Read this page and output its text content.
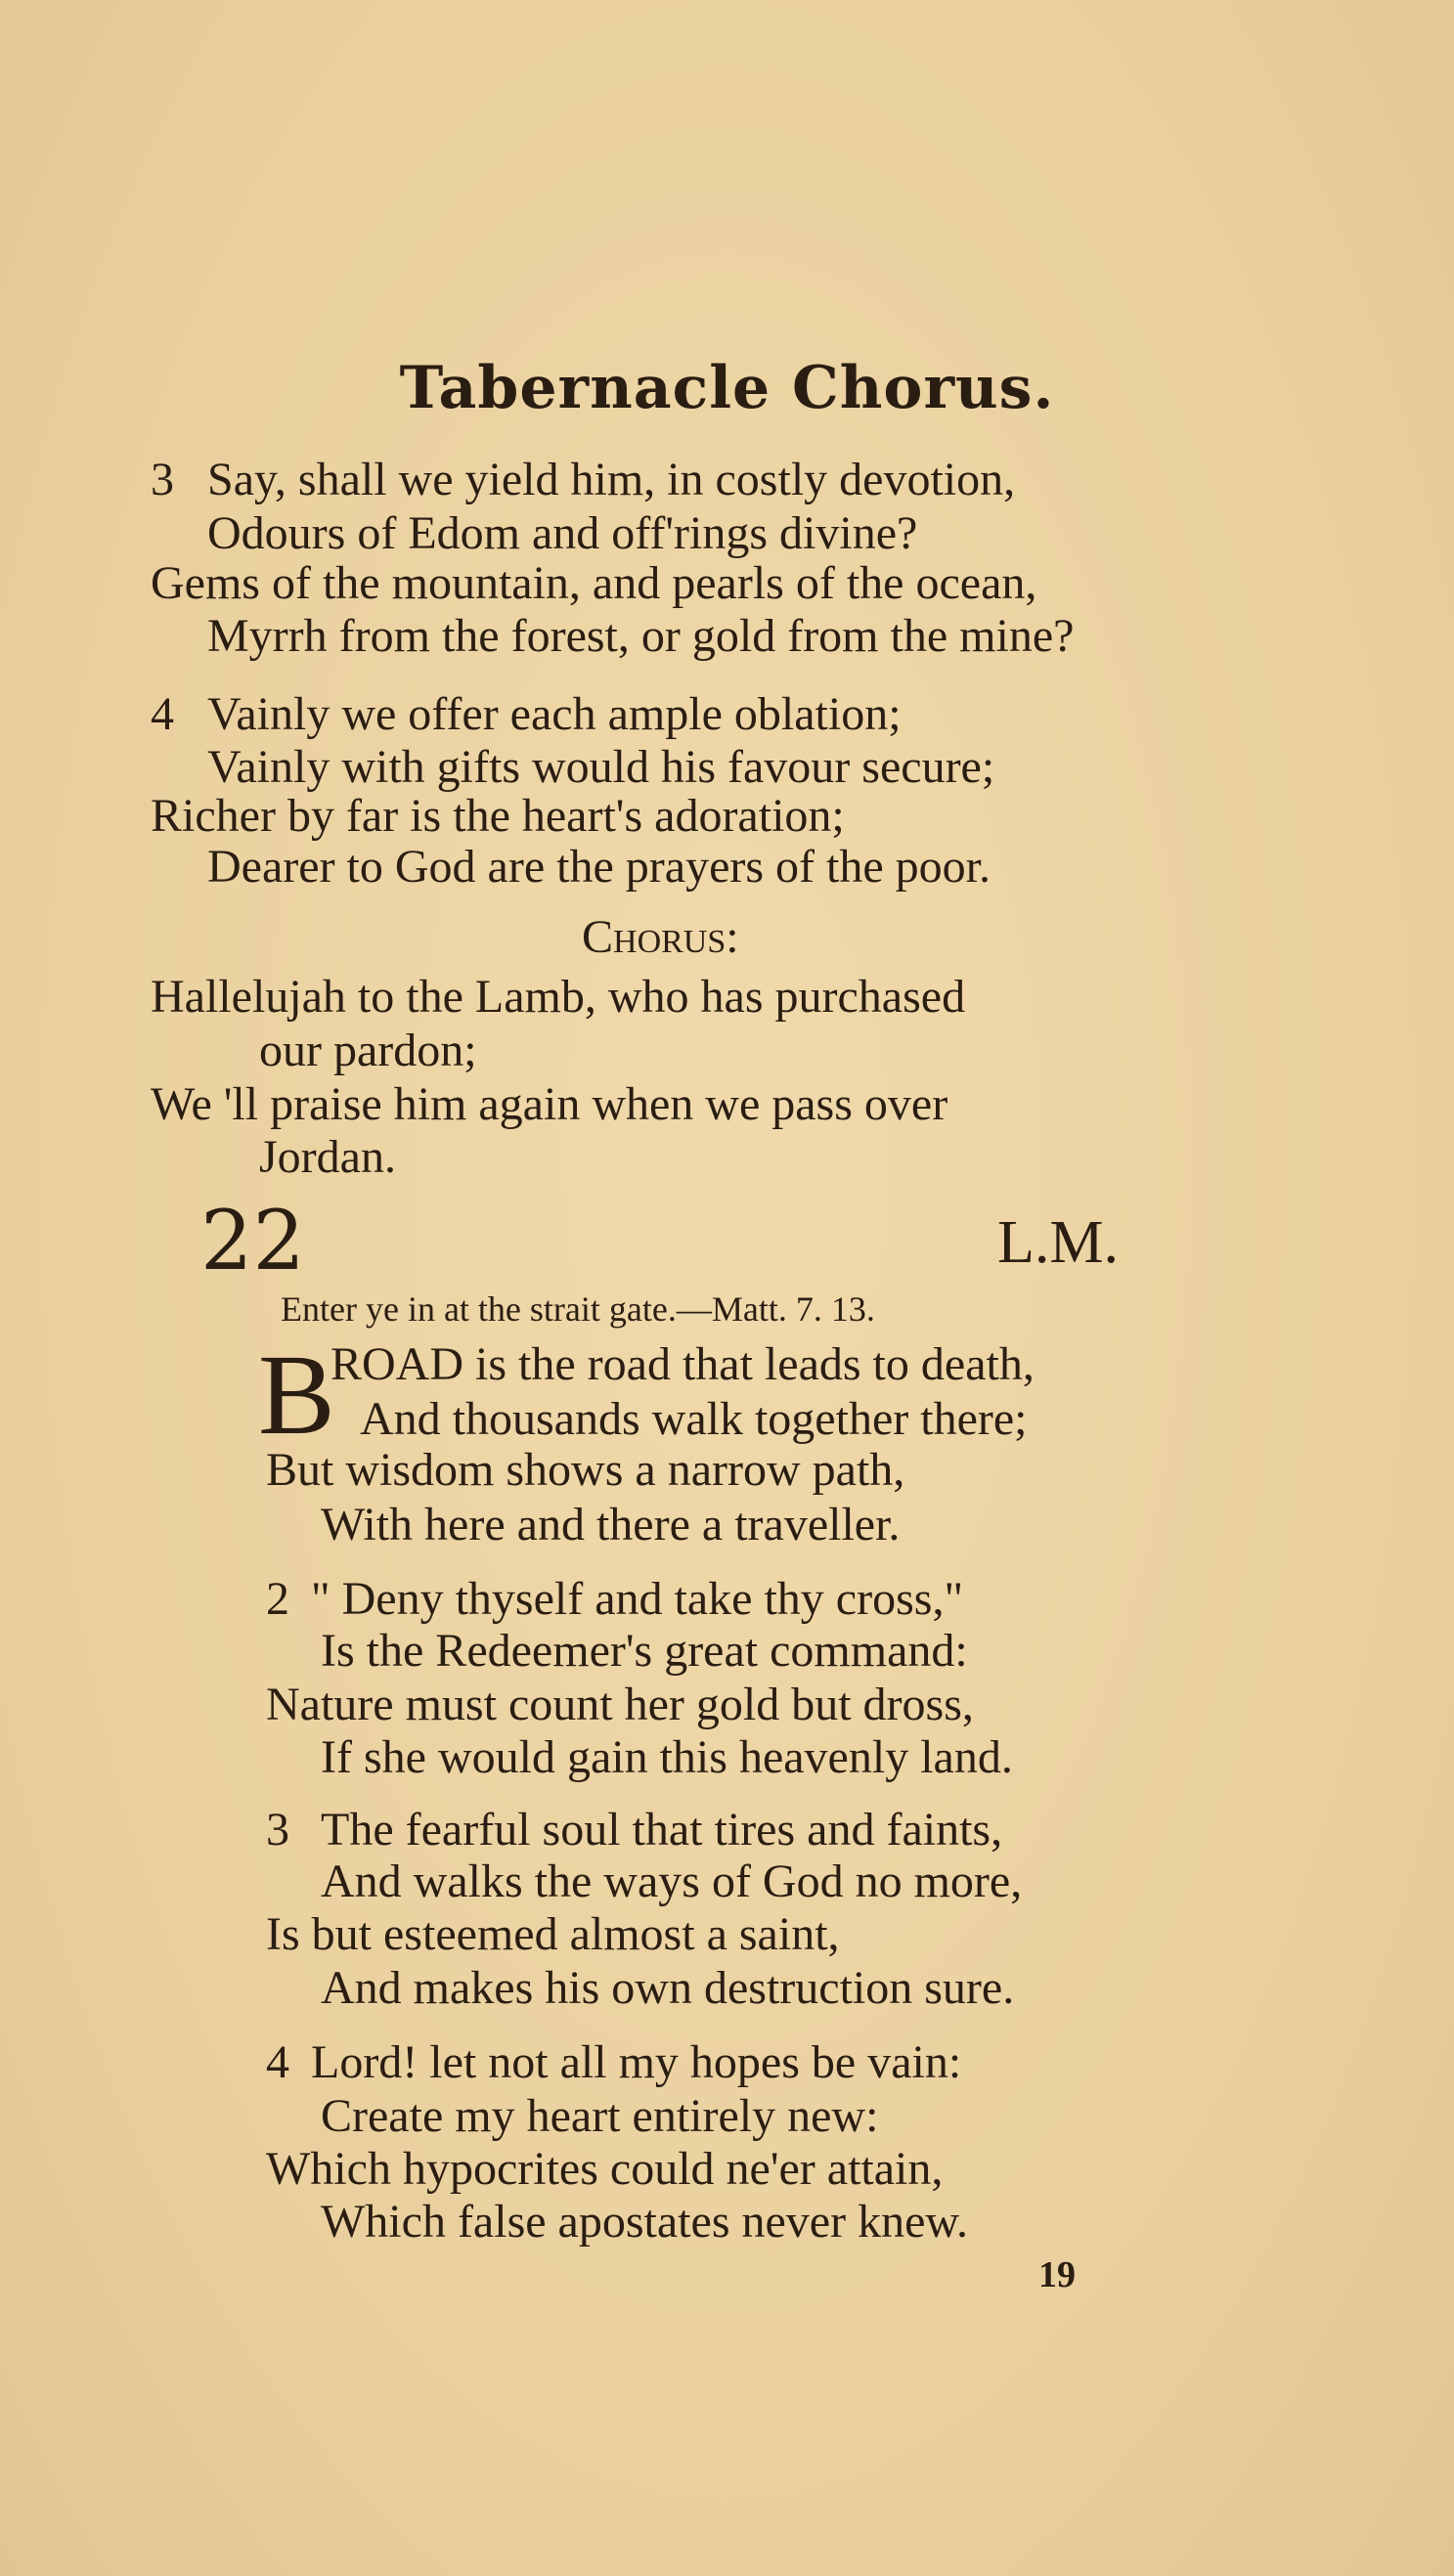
Tabernacle Chorus.
3 Say, shall we yield him, in costly devotion,
Odours of Edom and off'rings divine?
Gems of the mountain, and pearls of the ocean,
Myrrh from the forest, or gold from the mine?
4 Vainly we offer each ample oblation;
Vainly with gifts would his favour secure;
Richer by far is the heart's adoration;
Dearer to God are the prayers of the poor.
Chorus:
Hallelujah to the Lamb, who has purchased
our pardon;
We 'll praise him again when we pass over
Jordan.
22	L.M.
Enter ye in at the strait gate.—Matt. 7. 13.
B
ROAD is the road that leads to death,
And thousands walk together there;
But wisdom shows a narrow path,
With here and there a traveller.
2 " Deny thyself and take thy cross,"
Is the Redeemer's great command:
Nature must count her gold but dross,
If she would gain this heavenly land.
3 The fearful soul that tires and faints,
And walks the ways of God no more,
Is but esteemed almost a saint,
And makes his own destruction sure.
4 Lord! let not all my hopes be vain:
Create my heart entirely new:
Which hypocrites could ne'er attain,
Which false apostates never knew.
19
